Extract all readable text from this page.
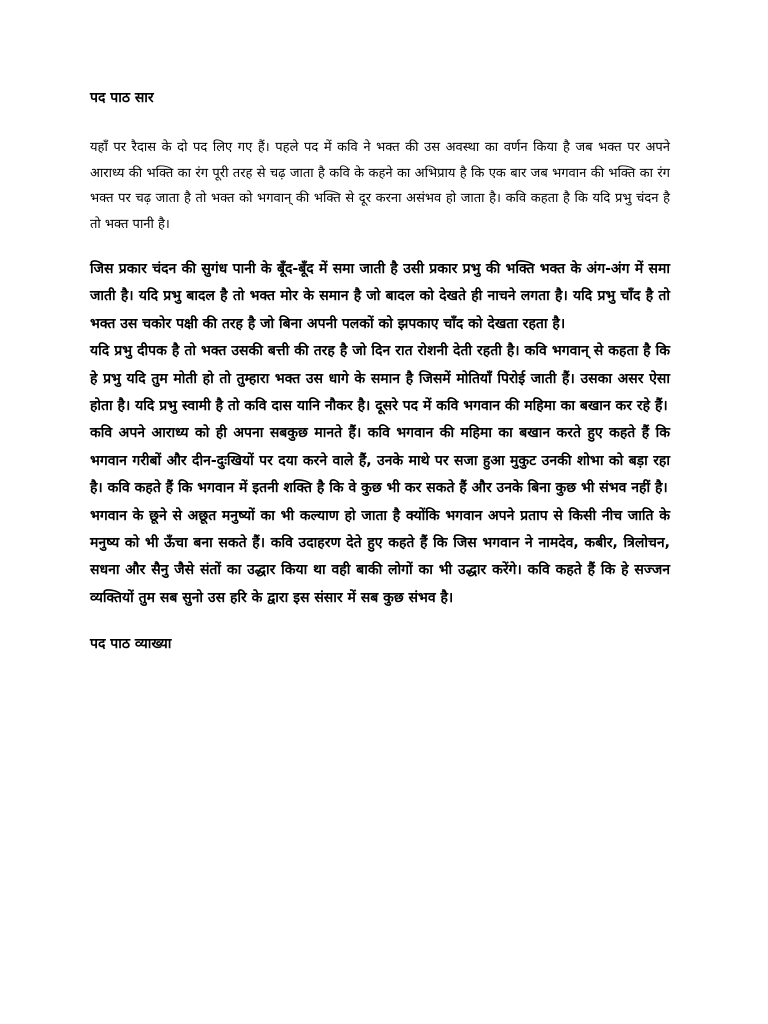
पद पाठ सार

यहाँ पर रैदास के दो पद लिए गए हैं। पहले पद में कवि ने भक्त की उस अवस्था का वर्णन किया है जब भक्त पर अपने आराध्य की भक्ति का रंग पूरी तरह से चढ़ जाता है कवि के कहने का अभिप्राय है कि एक बार जब भगवान की भक्ति का रंग भक्त पर चढ़ जाता है तो भक्त को भगवान् की भक्ति से दूर करना असंभव हो जाता है। कवि कहता है कि यदि प्रभु चंदन है तो भक्त पानी है।

जिस प्रकार चंदन की सुगंध पानी के बूँद-बूँद में समा जाती है उसी प्रकार प्रभु की भक्ति भक्त के अंग-अंग में समा जाती है। यदि प्रभु बादल है तो भक्त मोर के समान है जो बादल को देखते ही नाचने लगता है। यदि प्रभु चाँद है तो भक्त उस चकोर पक्षी की तरह है जो बिना अपनी पलकों को झपकाए चाँद को देखता रहता है।

यदि प्रभु दीपक है तो भक्त उसकी बत्ती की तरह है जो दिन रात रोशनी देती रहती है। कवि भगवान् से कहता है कि हे प्रभु यदि तुम मोती हो तो तुम्हारा भक्त उस धागे के समान है जिसमें मोतियाँ पिरोई जाती हैं। उसका असर ऐसा होता है। यदि प्रभु स्वामी है तो कवि दास यानि नौकर है। दूसरे पद में कवि भगवान की महिमा का बखान कर रहे हैं।

कवि अपने आराध्य को ही अपना सबकुछ मानते हैं। कवि भगवान की महिमा का बखान करते हुए कहते हैं कि भगवान गरीबों और दीन-दुःखियों पर दया करने वाले हैं, उनके माथे पर सजा हुआ मुकुट उनकी शोभा को बड़ा रहा है। कवि कहते हैं कि भगवान में इतनी शक्ति है कि वे कुछ भी कर सकते हैं और उनके बिना कुछ भी संभव नहीं है।

भगवान के छूने से अछूत मनुष्यों का भी कल्याण हो जाता है क्योंकि भगवान अपने प्रताप से किसी नीच जाति के मनुष्य को भी ऊँचा बना सकते हैं। कवि उदाहरण देते हुए कहते हैं कि जिस भगवान ने नामदेव, कबीर, त्रिलोचन, सधना और सैनु जैसे संतों का उद्धार किया था वही बाकी लोगों का भी उद्धार करेंगे। कवि कहते हैं कि हे सज्जन व्यक्तियों तुम सब सुनो उस हरि के द्वारा इस संसार में सब कुछ संभव है।

पद पाठ व्याख्या
